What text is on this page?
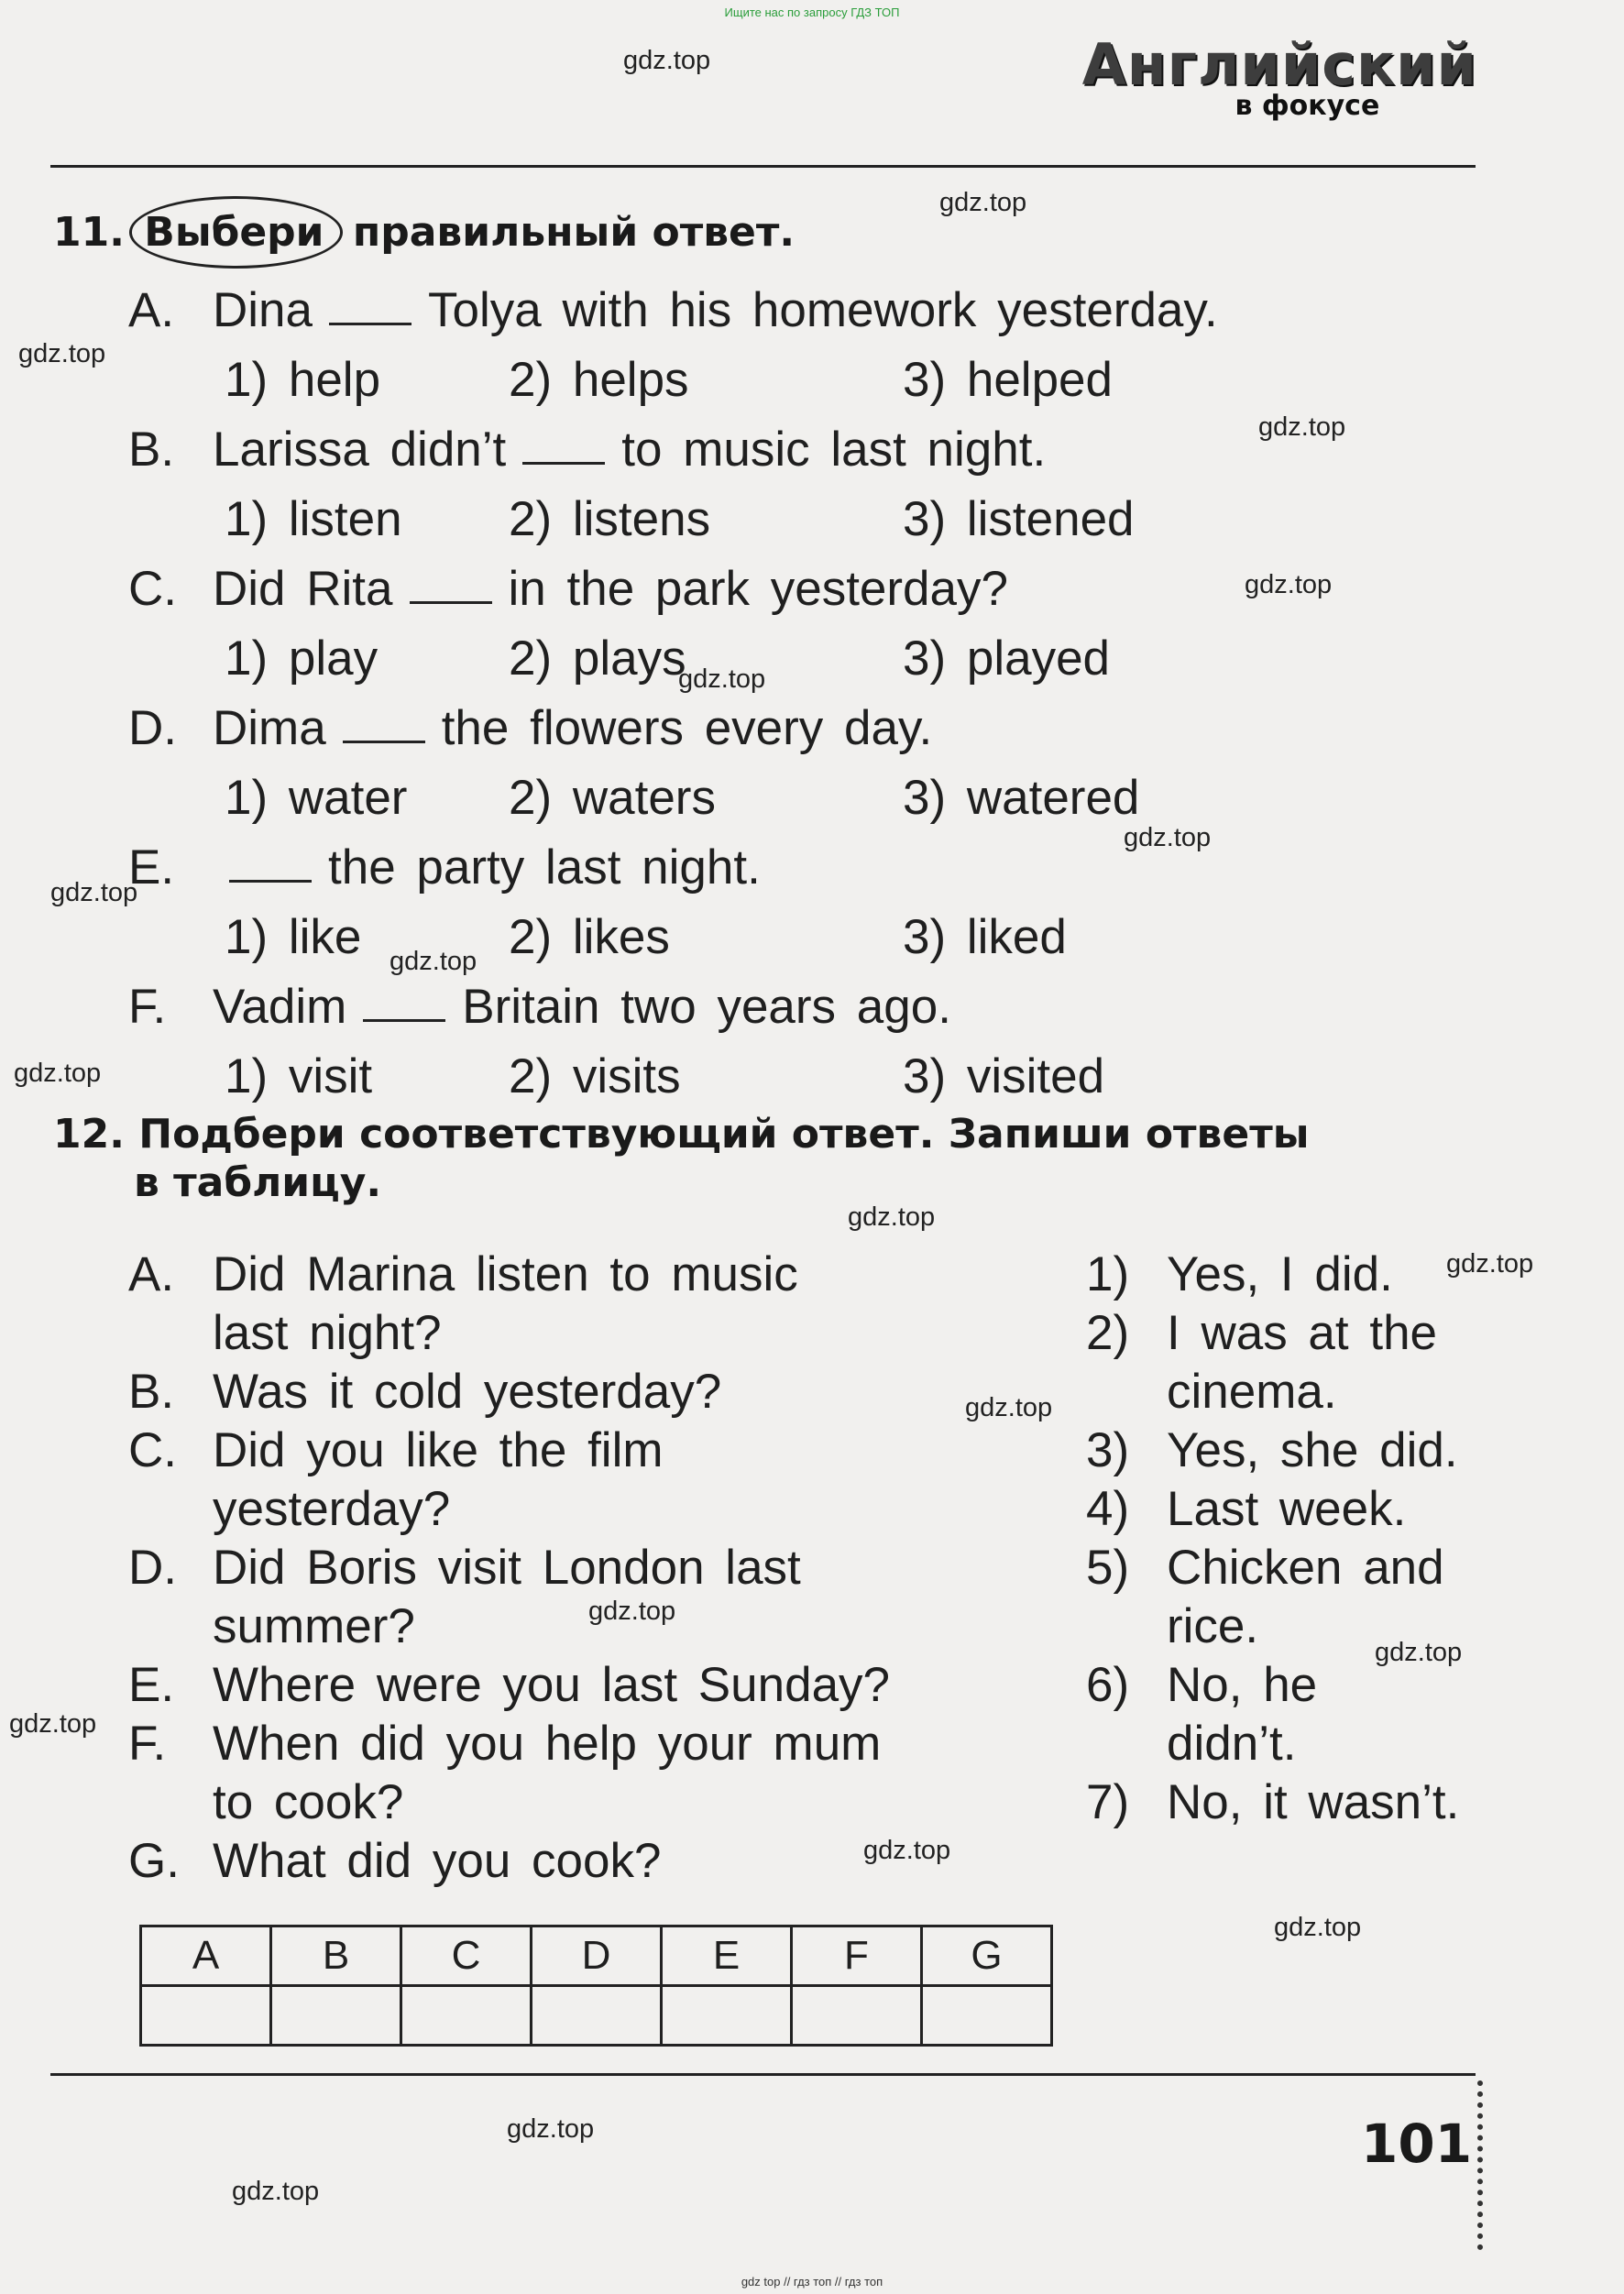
Ищите нас по запросу ГДЗ ТОП

Английский
в фокусе
11. Выбери правильный ответ.
A. Dina Tolya with his homework yesterday.
1) help	2) helps	3) helped
B. Larissa didn’t to music last night.
1) listen	2) listens	3) listened
C. Did Rita in the park yesterday?
1) play	2) plays	3) played
D. Dima the flowers every day.
1) water	2) waters	3) watered
E.	the party last night.
1) like	2) likes	3) liked
F. Vadim Britain two years ago.
1) visit	2) visits	3) visited
12. Подбери соответствующий ответ. Запиши ответы
в таблицу.
A. Did Marina listen to music
last night?
B. Was it cold yesterday?
C. Did you like the film
yesterday?
D. Did Boris visit London last
summer?
E. Where were you last Sunday?
F. When did you help your mum
to cook?
G. What did you cook?
1) Yes, I did.
2) I was at the
cinema.
3) Yes, she did.
4) Last week.
5) Chicken and
rice.
6) No, he
didn’t.
7) No, it wasn’t.
A	B	C	D	E	F	G

101
gdz.top
gdz.top
gdz.top
gdz.top
gdz.top
gdz.top
gdz.top
gdz.top
gdz.top
gdz.top
gdz.top
gdz.top
gdz.top
gdz.top
gdz.top
gdz.top
gdz.top
gdz.top
gdz.top
gdz.top
gdz top // гдз топ // гдз топ
